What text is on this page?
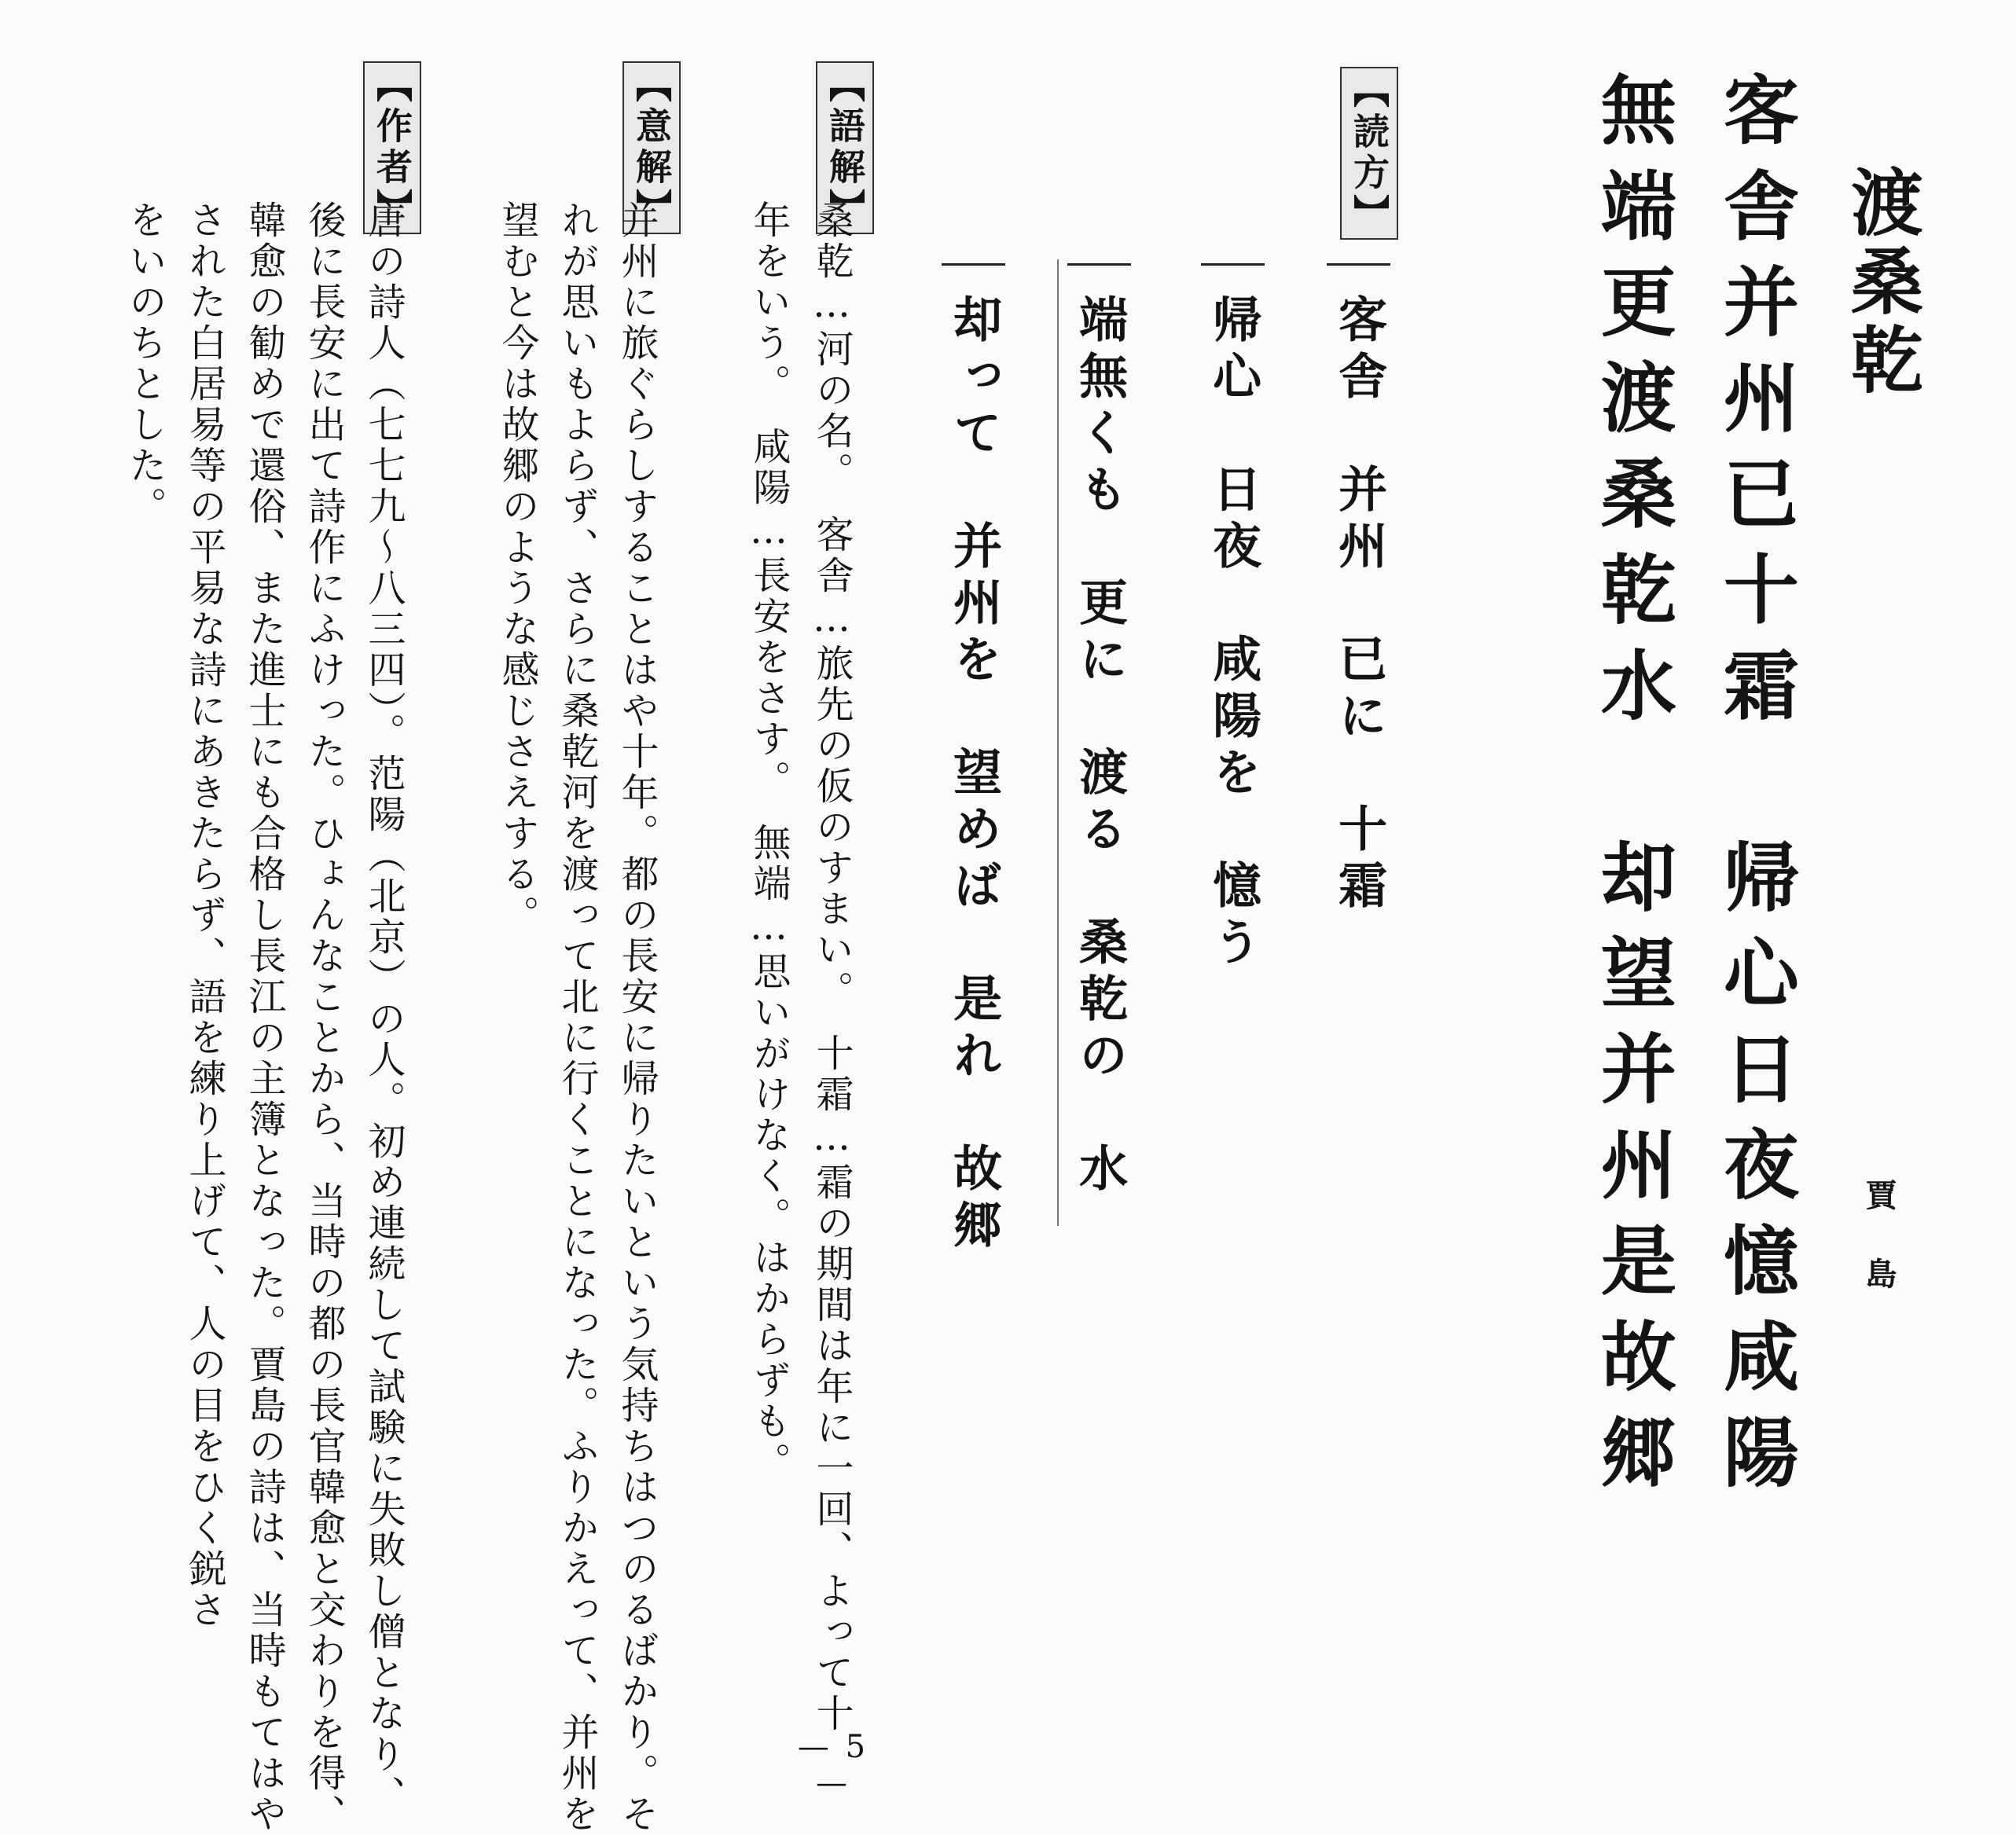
渡桑乾
賈島
客舎并州已十霜　帰心日夜憶咸陽
無端更渡桑乾水　却望并州是故郷
【読方】
客舎　并州　已に　十霜
帰心　日夜　咸陽を　憶う
端無くも　更に　渡る　桑乾の　水
却って　并州を　望めば　是れ　故郷
【語解】
桑乾…河の名。　客舎…旅先の仮のすまい。　十霜…霜の期間は年に一回、よって十
年をいう。　咸陽…長安をさす。　無端…思いがけなく。はからずも。
【意解】
并州に旅ぐらしすることはや十年。都の長安に帰りたいという気持ちはつのるばかり。そ
れが思いもよらず、さらに桑乾河を渡って北に行くことになった。ふりかえって、并州を
望むと今は故郷のような感じさえする。
【作者】
唐の詩人（七七九～八三四）。范陽（北京）の人。初め連続して試験に失敗し僧となり、
後に長安に出て詩作にふけった。ひょんなことから、当時の都の長官韓愈と交わりを得、
韓愈の勧めで還俗、また進士にも合格し長江の主簿となった。賈島の詩は、当時もてはや
された白居易等の平易な詩にあきたらず、語を練り上げて、人の目をひく鋭さ
をいのちとした。
— 5 —
